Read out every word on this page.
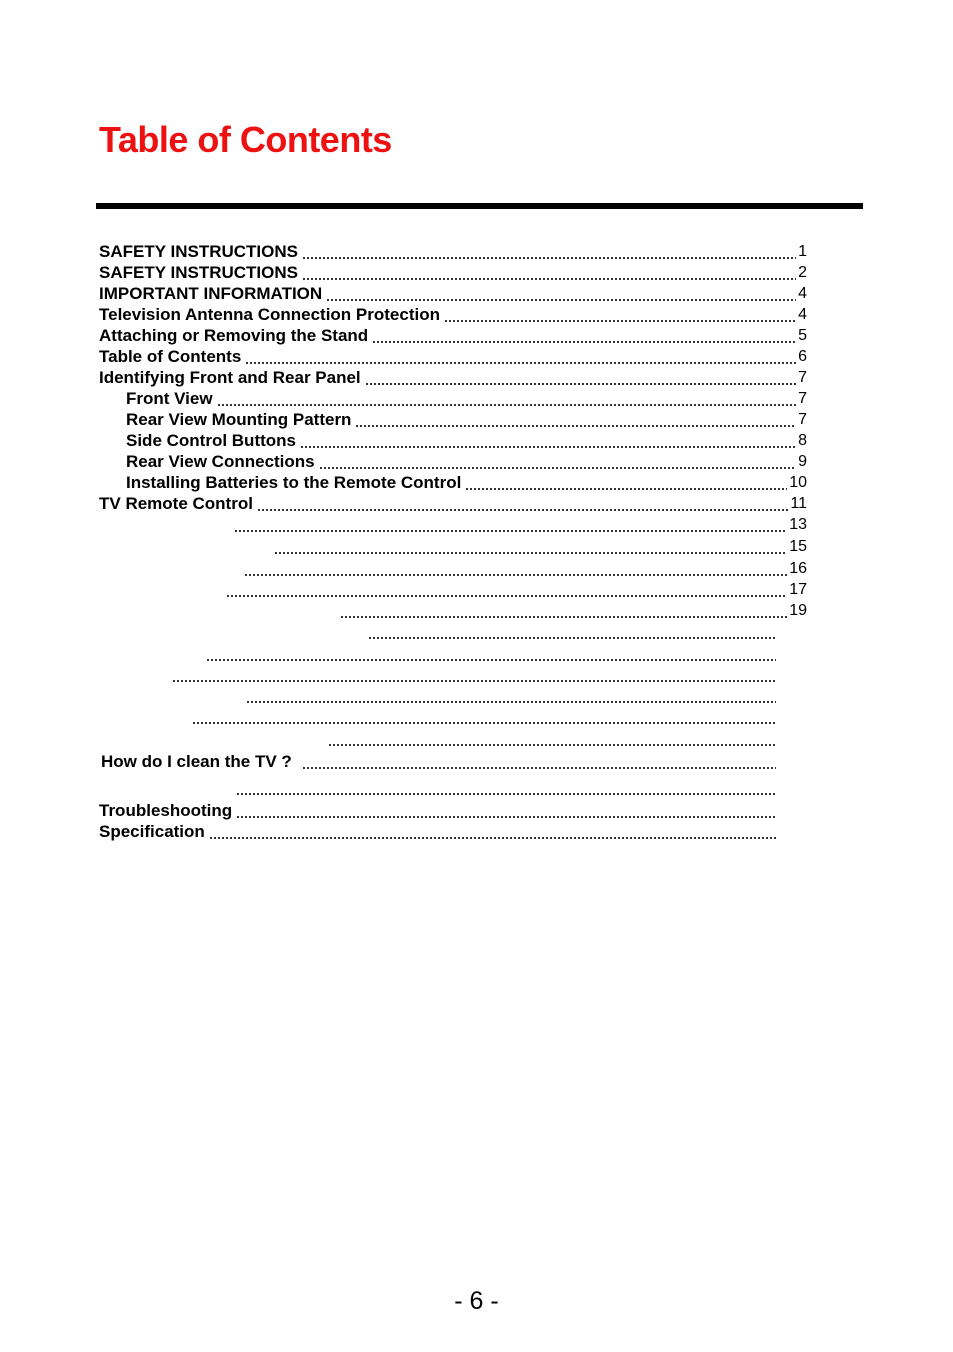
Table of Contents
SAFETY INSTRUCTIONS	1
SAFETY INSTRUCTIONS	2
IMPORTANT INFORMATION	4
Television Antenna Connection Protection	4
Attaching or Removing the Stand	5
Table of Contents	6
Identifying Front and Rear Panel	7
Front View	7
Rear View Mounting Pattern	7
Side Control Buttons	8
Rear View Connections	9
Installing Batteries to the Remote Control	10
TV Remote Control	11
13
15
16
17
19
How do I clean the TV ?
Troubleshooting
Specification
- 6 -
